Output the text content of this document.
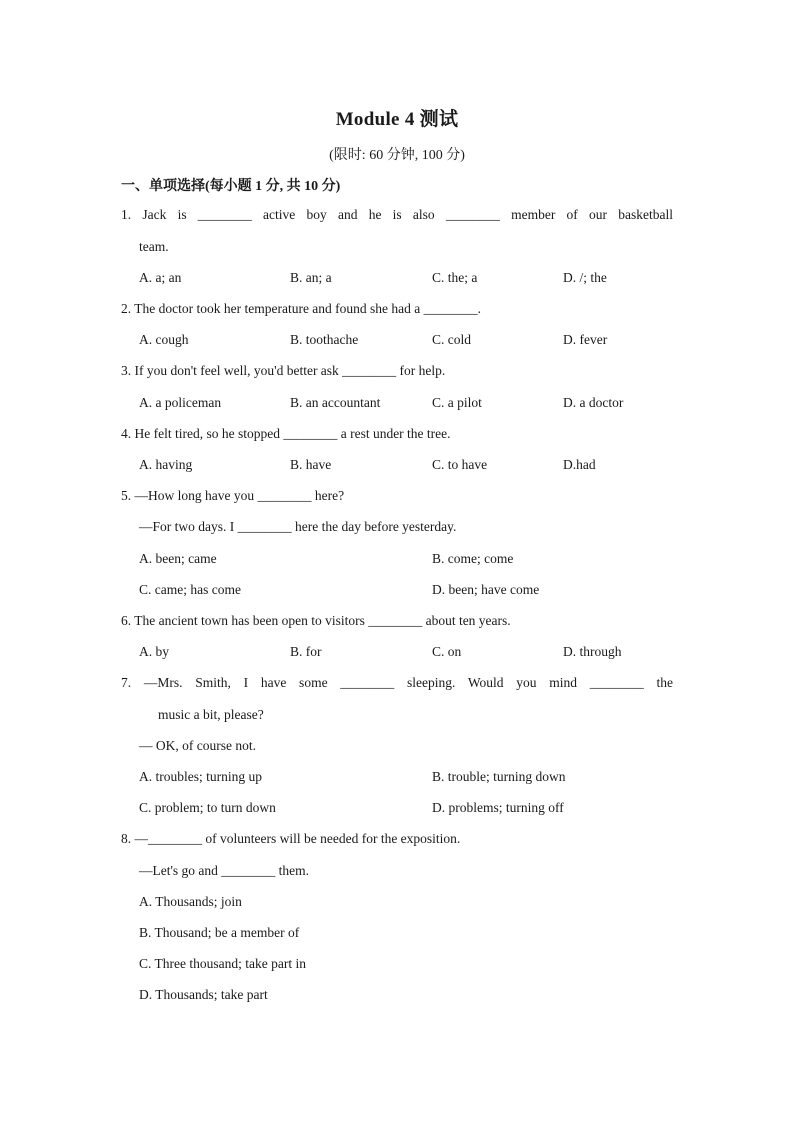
Module 4 测试
(限时: 60 分钟, 100 分)
一、单项选择(每小题 1 分, 共 10 分)
1. Jack is ________ active boy and he is also ________ member of our basketball
team.
A. a; an	B. an; a	C. the; a	D. /; the
2. The doctor took her temperature and found she had a ________.
A. cough	B. toothache	C. cold	D. fever
3. If you don't feel well, you'd better ask ________ for help.
A. a policeman	B. an accountant	C. a pilot	D. a doctor
4. He felt tired, so he stopped ________ a rest under the tree.
A. having	B. have	C. to have	D.had
5. —How long have you ________ here?
—For two days. I ________ here the day before yesterday.
A. been; came	B. come; come
C. came; has come	D. been; have come
6. The ancient town has been open to visitors ________ about ten years.
A. by	B. for	C. on	D. through
7. —Mrs. Smith, I have some ________ sleeping. Would you mind ________ the
music a bit, please?
— OK, of course not.
A. troubles; turning up	B. trouble; turning down
C. problem; to turn down	D. problems; turning off
8. —________ of volunteers will be needed for the exposition.
—Let's go and ________ them.
A. Thousands; join
B. Thousand; be a member of
C. Three thousand; take part in
D. Thousands; take part
